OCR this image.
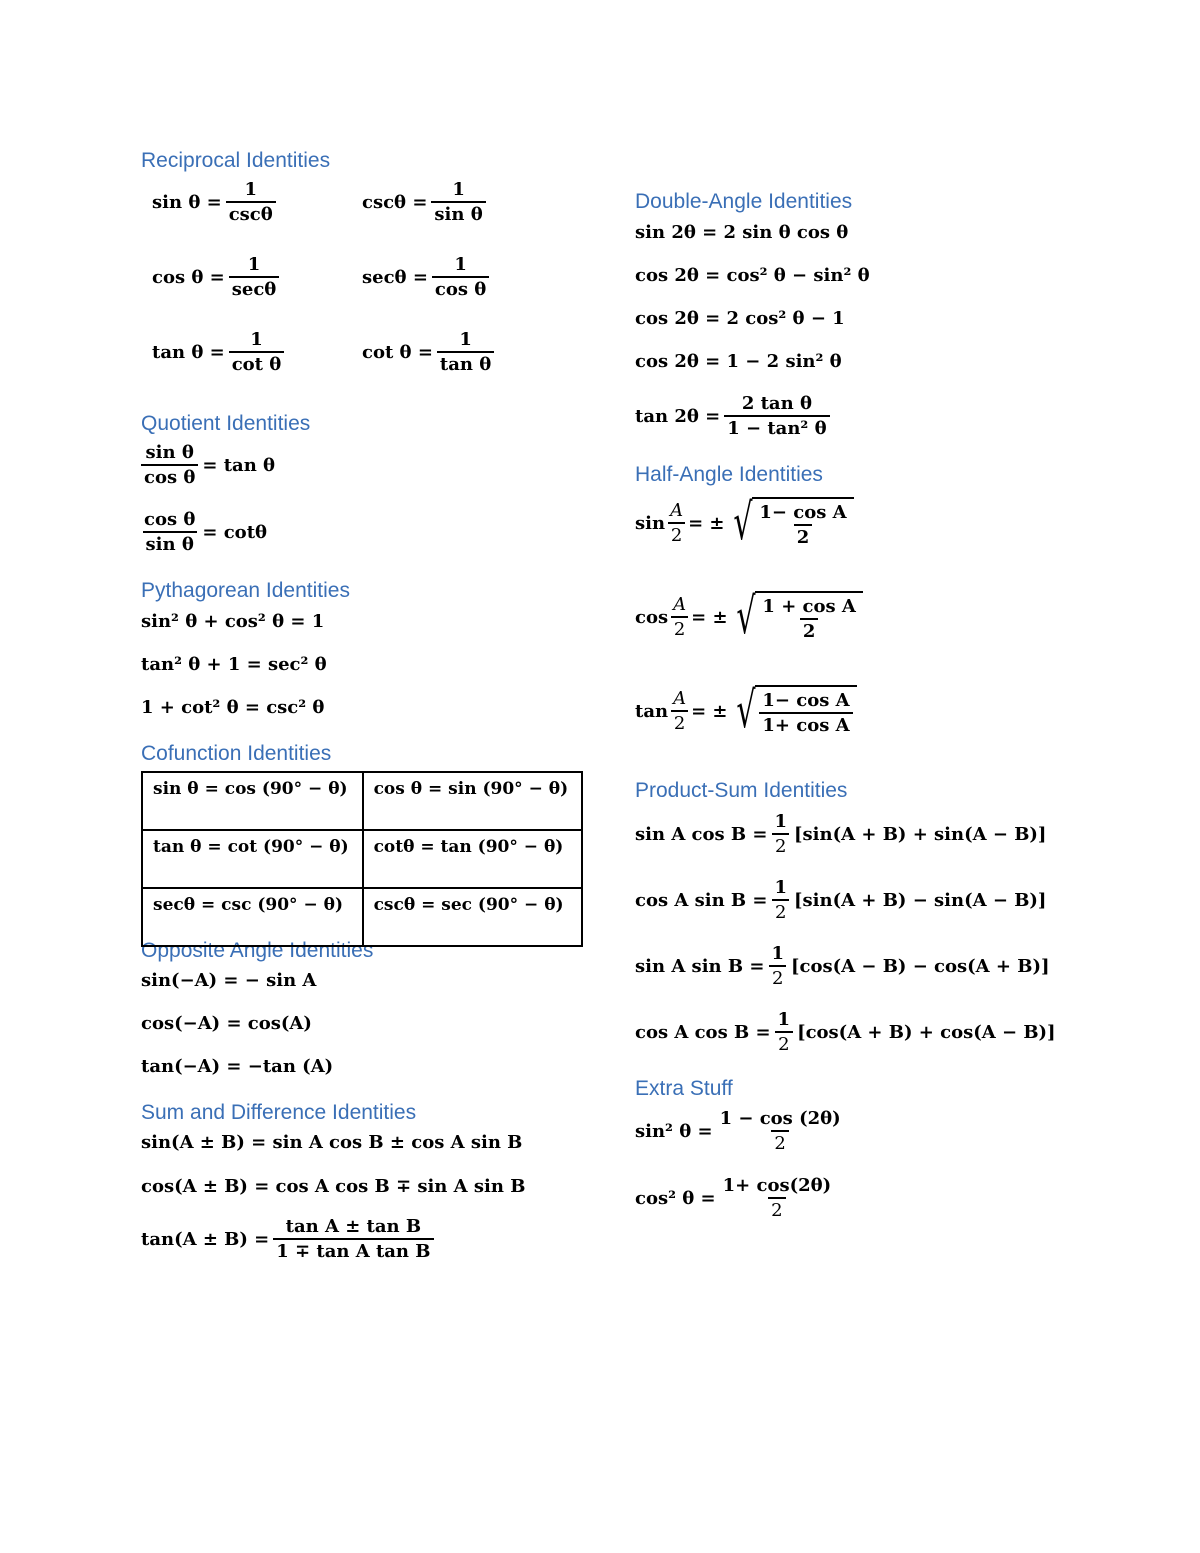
Reciprocal Identities
Quotient Identities
Pythagorean Identities
Cofunction Identities
Opposite Angle Identities
Sum and Difference Identities
Double-Angle Identities
Half-Angle Identities
Product-Sum Identities
Extra Stuff
$\sin \theta = \frac{1}{\csc\theta}$	$\csc\theta = \frac{1}{\text{sin θ}}$
$\cos \theta = \frac{1}{\sec\theta}$	$\sec\theta = \frac{1}{\text{cos θ}}$
$\tan \theta = \frac{1}{\text{cot θ}}$	$\cot \theta = \frac{1}{\text{tan θ}}$
$\frac{\text{sin θ}}{\text{cos θ}} = \tan \theta$
$\frac{\text{cos θ}}{\text{sin θ}} = \cot\theta$
sin² θ + cos² θ = 1
tan² θ + 1 = sec² θ
1 + cot² θ = csc² θ
sin θ = cos (90° − θ)	cos θ = sin (90° − θ)
tan θ = cot (90° − θ)	cotθ = tan (90° − θ)
secθ = csc (90° − θ)	cscθ = sec (90° − θ)
sin(−A) = − sin A
cos(−A) = cos(A)
tan(−A) = −tan (A)
sin(A ± B) = sin A cos B ± cos A sin B
cos(A ± B) = cos A cos B ∓ sin A sin B
$\tan(A \pm B) = \frac{\text{tan A ± tan B}}{\text{1 ∓ tan A tan B}}$
sin 2θ = 2 sin θ cos θ
cos 2θ = cos² θ − sin² θ
cos 2θ = 2 cos² θ − 1
cos 2θ = 1 − 2 sin² θ
$\tan 2\theta = \frac{\text{2 tan θ}}{\text{1 − tan² θ}}$
$\sin \frac{A}{2}$ = ± √ $\frac{\text{1− cos A}}{2}$
$\cos \frac{A}{2}$ = ± √ $\frac{\text{1 + cos A}}{2}$
$\tan \frac{A}{2}$ = ± √ $\frac{\text{1− cos A}}{\text{1+ cos A}}$
sin A $\cos B = \frac{1}{2} [\sin(A + B) + \sin(A - B)]$
cos A $\sin B = \frac{1}{2} [\sin(A + B) - \sin(A - B)]$
sin A $\sin B = \frac{1}{2} [\cos(A - B) - \cos(A + B)]$
cos A $\cos B = \frac{1}{2} [\cos(A + B) + \cos(A - B)]$
sin² $\theta = \frac{1 - \cos (2\theta)}{2}$
cos² $\theta = \frac{1+ \cos(2\theta)}{2}$
